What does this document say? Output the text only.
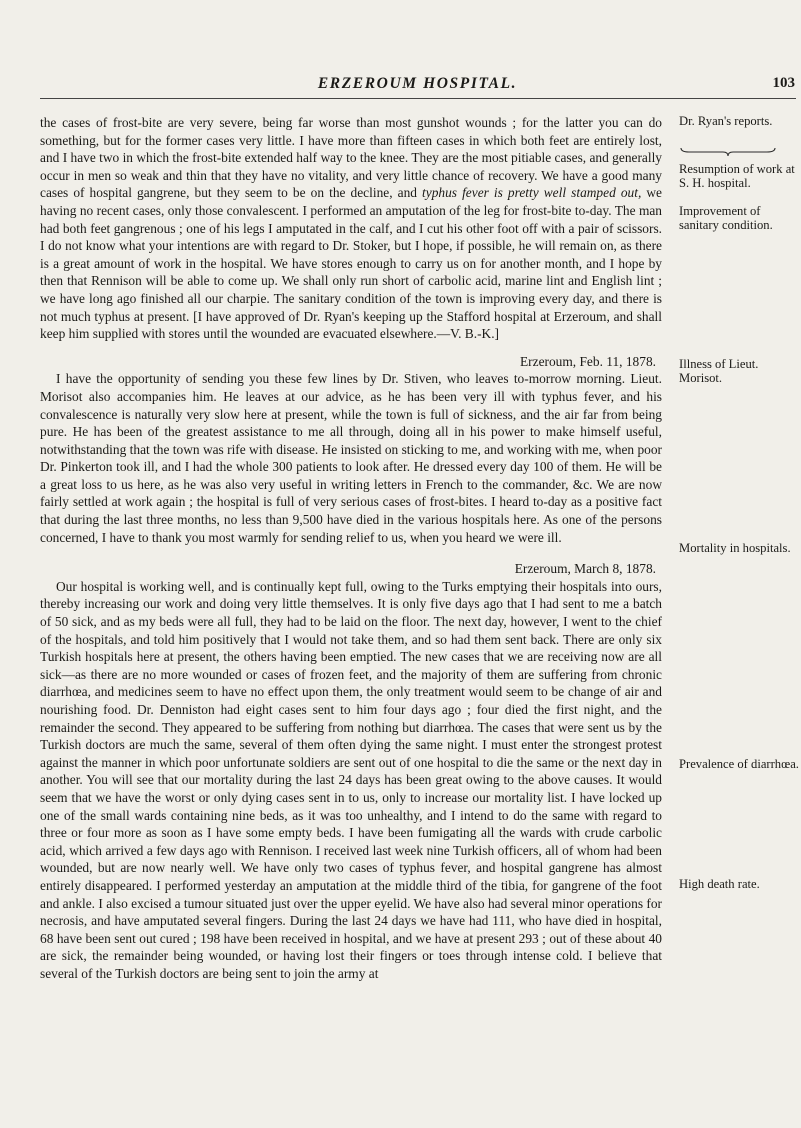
ERZEROUM HOSPITAL.	103

the cases of frost-bite are very severe, being far worse than most gunshot wounds ; for the latter you can do something, but for the former cases very little. I have more than fifteen cases in which both feet are entirely lost, and I have two in which the frost-bite extended half way to the knee. They are the most pitiable cases, and generally occur in men so weak and thin that they have no vitality, and very little chance of recovery. We have a good many cases of hospital gangrene, but they seem to be on the decline, and typhus fever is pretty well stamped out, we having no recent cases, only those convalescent. I performed an amputation of the leg for frost-bite to-day. The man had both feet gangrenous ; one of his legs I amputated in the calf, and I cut his other foot off with a pair of scissors. I do not know what your intentions are with regard to Dr. Stoker, but I hope, if possible, he will remain on, as there is a great amount of work in the hospital. We have stores enough to carry us on for another month, and I hope by then that Rennison will be able to come up. We shall only run short of carbolic acid, marine lint and English lint ; we have long ago finished all our charpie. The sanitary condition of the town is improving every day, and there is not much typhus at present. [I have approved of Dr. Ryan's keeping up the Stafford hospital at Erzeroum, and shall keep him supplied with stores until the wounded are evacuated elsewhere.—V. B.-K.]

Erzeroum, Feb. 11, 1878.

I have the opportunity of sending you these few lines by Dr. Stiven, who leaves to-morrow morning. Lieut. Morisot also accompanies him. He leaves at our advice, as he has been very ill with typhus fever, and his convalescence is naturally very slow here at present, while the town is full of sickness, and the air far from being pure. He has been of the greatest assistance to me all through, doing all in his power to make himself useful, notwithstanding that the town was rife with disease. He insisted on sticking to me, and working with me, when poor Dr. Pinkerton took ill, and I had the whole 300 patients to look after. He dressed every day 100 of them. He will be a great loss to us here, as he was also very useful in writing letters in French to the commander, &c. We are now fairly settled at work again ; the hospital is full of very serious cases of frost-bites. I heard to-day as a positive fact that during the last three months, no less than 9,500 have died in the various hospitals here. As one of the persons concerned, I have to thank you most warmly for sending relief to us, when you heard we were ill.

Erzeroum, March 8, 1878.

Our hospital is working well, and is continually kept full, owing to the Turks emptying their hospitals into ours, thereby increasing our work and doing very little themselves. It is only five days ago that I had sent to me a batch of 50 sick, and as my beds were all full, they had to be laid on the floor. The next day, however, I went to the chief of the hospitals, and told him positively that I would not take them, and so had them sent back. There are only six Turkish hospitals here at present, the others having been emptied. The new cases that we are receiving now are all sick—as there are no more wounded or cases of frozen feet, and the majority of them are suffering from chronic diarrhœa, and medicines seem to have no effect upon them, the only treatment would seem to be change of air and nourishing food. Dr. Denniston had eight cases sent to him four days ago ; four died the first night, and the remainder the second. They appeared to be suffering from nothing but diarrhœa. The cases that were sent us by the Turkish doctors are much the same, several of them often dying the same night. I must enter the strongest protest against the manner in which poor unfortunate soldiers are sent out of one hospital to die the same or the next day in another. You will see that our mortality during the last 24 days has been great owing to the above causes. It would seem that we have the worst or only dying cases sent in to us, only to increase our mortality list. I have locked up one of the small wards containing nine beds, as it was too unhealthy, and I intend to do the same with regard to three or four more as soon as I have some empty beds. I have been fumigating all the wards with crude carbolic acid, which arrived a few days ago with Rennison. I received last week nine Turkish officers, all of whom had been wounded, but are now nearly well. We have only two cases of typhus fever, and hospital gangrene has almost entirely disappeared. I performed yesterday an amputation at the middle third of the tibia, for gangrene of the foot and ankle. I also excised a tumour situated just over the upper eyelid. We have also had several minor operations for necrosis, and have amputated several fingers. During the last 24 days we have had 111, who have died in hospital, 68 have been sent out cured ; 198 have been received in hospital, and we have at present 293 ; out of these about 40 are sick, the remainder being wounded, or having lost their fingers or toes through intense cold. I believe that several of the Turkish doctors are being sent to join the army at

Dr. Ryan's reports.
Resumption of work at S. H. hospital.
Improvement of sanitary condition.
Illness of Lieut. Morisot.
Mortality in hospitals.
Prevalence of diarrhœa.
High death rate.
